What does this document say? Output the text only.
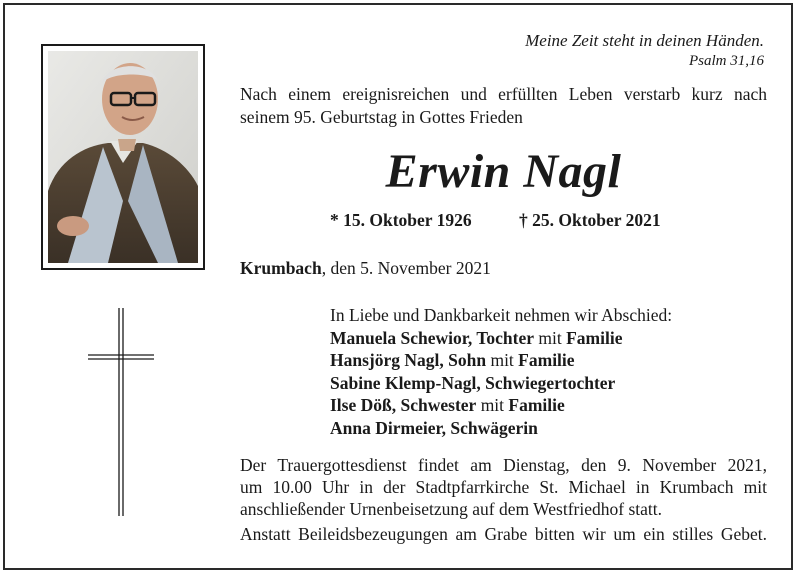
Meine Zeit steht in deinen Händen.
Psalm 31,16
Nach einem ereignisreichen und erfüllten Leben verstarb kurz nach
seinem 95. Geburtstag in Gottes Frieden
Erwin Nagl
* 15. Oktober 1926	† 25. Oktober 2021
Krumbach, den 5. November 2021
In Liebe und Dankbarkeit nehmen wir Abschied:
Manuela Schewior, Tochter mit Familie
Hansjörg Nagl, Sohn mit Familie
Sabine Klemp-Nagl, Schwiegertochter
Ilse Döß, Schwester mit Familie
Anna Dirmeier, Schwägerin
Der Trauergottesdienst findet am Dienstag, den 9. November 2021,
um 10.00 Uhr in der Stadtpfarrkirche St. Michael in Krumbach mit
anschließender Urnenbeisetzung auf dem Westfriedhof statt.
Anstatt Beileidsbezeugungen am Grabe bitten wir um ein stilles Gebet.
